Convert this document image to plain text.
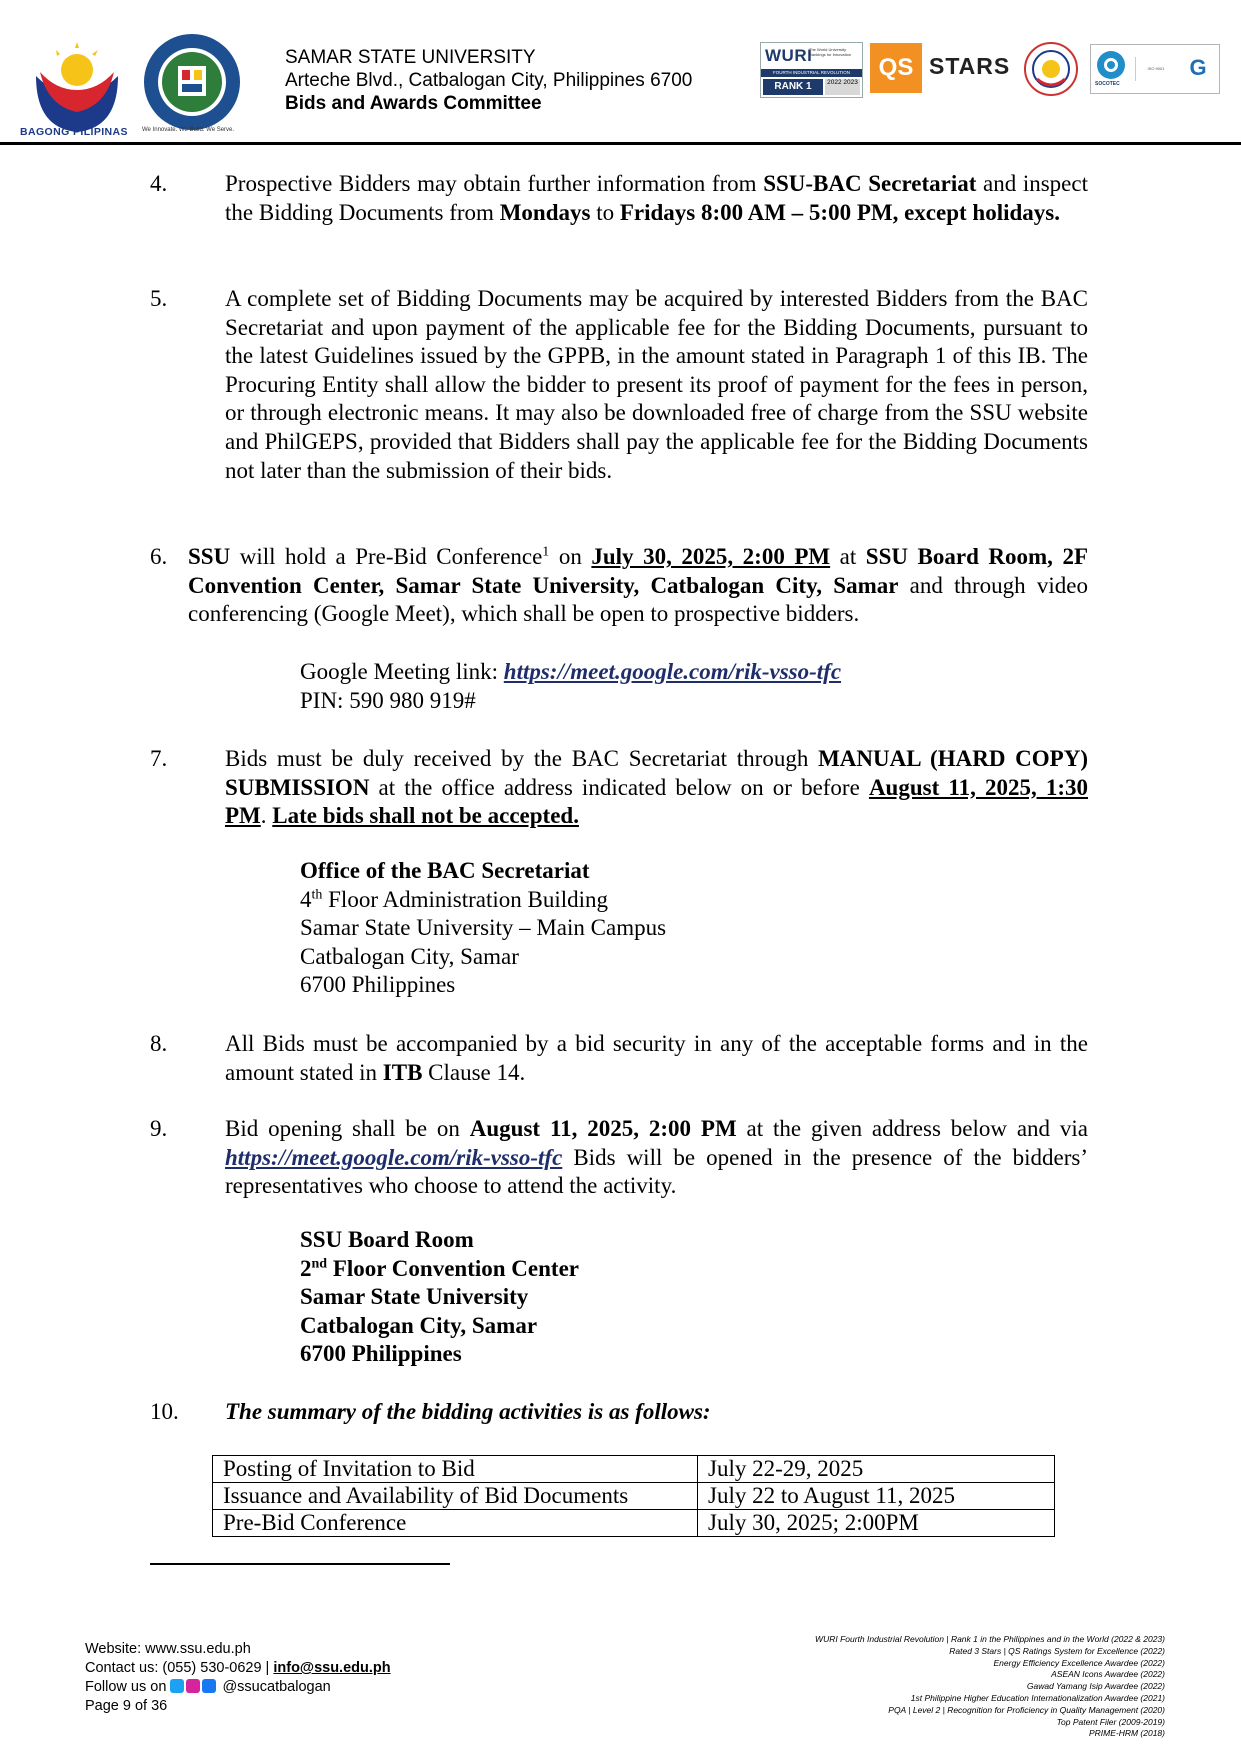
BAGONG PILIPINAS We Innovate. We Build. We Serve.
SAMAR STATE UNIVERSITY
Arteche Blvd., Catbalogan City, Philippines 6700
Bids and Awards Committee
WURI
The World University Rankings for Innovation
FOURTH INDUSTRIAL REVOLUTION
RANK 1	2022 2023
QS STARS
SOCOTEC
ISO 9001	G
4.	Prospective Bidders may obtain further information from SSU-BAC Secretariat and inspect the Bidding Documents from Mondays to Fridays 8:00 AM – 5:00 PM, except holidays.
5.	A complete set of Bidding Documents may be acquired by interested Bidders from the BAC Secretariat and upon payment of the applicable fee for the Bidding Documents, pursuant to the latest Guidelines issued by the GPPB, in the amount stated in Paragraph 1 of this IB. The Procuring Entity shall allow the bidder to present its proof of payment for the fees in person, or through electronic means. It may also be downloaded free of charge from the SSU website and PhilGEPS, provided that Bidders shall pay the applicable fee for the Bidding Documents not later than the submission of their bids.
6. SSU will hold a Pre-Bid Conference$^1$ on July 30, 2025, 2:00 PM at SSU Board Room, 2F Convention Center, Samar State University, Catbalogan City, Samar and through video conferencing (Google Meet), which shall be open to prospective bidders.
Google Meeting link: https://meet.google.com/rik-vsso-tfc
PIN: 590 980 919#
7.	Bids must be duly received by the BAC Secretariat through MANUAL (HARD COPY) SUBMISSION at the office address indicated below on or before August 11, 2025, 1:30 PM. Late bids shall not be accepted.
Office of the BAC Secretariat
4th Floor Administration Building
Samar State University – Main Campus
Catbalogan City, Samar
6700 Philippines
8.	All Bids must be accompanied by a bid security in any of the acceptable forms and in the amount stated in ITB Clause 14.
9.	Bid opening shall be on August 11, 2025, 2:00 PM at the given address below and via https://meet.google.com/rik-vsso-tfc Bids will be opened in the presence of the bidders’ representatives who choose to attend the activity.
SSU Board Room
2nd Floor Convention Center
Samar State University
Catbalogan City, Samar
6700 Philippines
10. The summary of the bidding activities is as follows:
Posting of Invitation to Bid	July 22-29, 2025
Issuance and Availability of Bid Documents	July 22 to August 11, 2025
Pre-Bid Conference	July 30, 2025; 2:00PM
Website: www.ssu.edu.ph
Contact us: (055) 530-0629 | info@ssu.edu.ph
Follow us on	@ssucatbalogan
Page 9 of 36
WURI Fourth Industrial Revolution | Rank 1 in the Philippines and in the World (2022 & 2023)
Rated 3 Stars | QS Ratings System for Excellence (2022)
Energy Efficiency Excellence Awardee (2022)
ASEAN Icons Awardee (2022)
Gawad Yamang Isip Awardee (2022)
1st Philippine Higher Education Internationalization Awardee (2021)
PQA | Level 2 | Recognition for Proficiency in Quality Management (2020)
Top Patent Filer (2009-2019)
PRIME-HRM (2018)
